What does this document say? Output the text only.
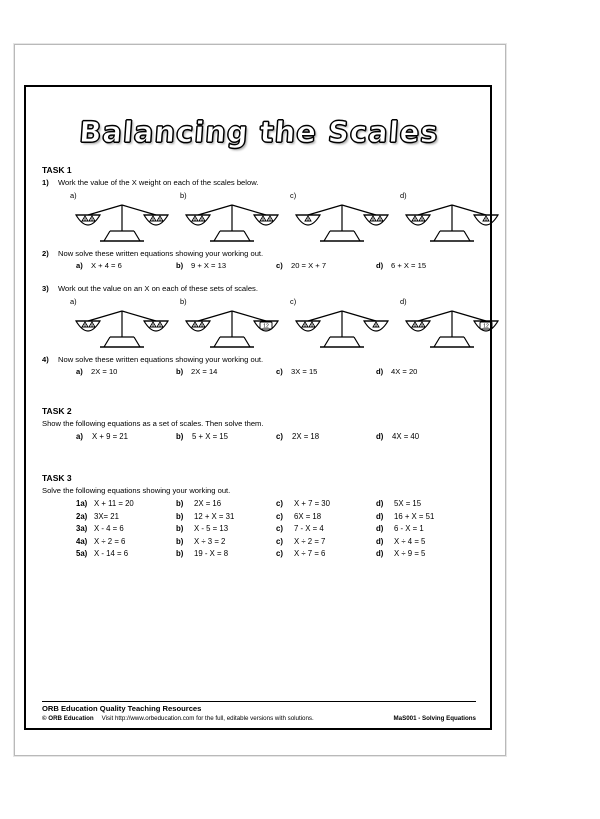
Balancing the Scales
TASK 1
1) Work the value of the X weight on each of the scales below.
a)
X X	X X
b)
X X	X X
c)
X	X X
d)
X X	X
2) Now solve these written equations showing your working out.
a) X + 4 = 6	b) 9 + X = 13	c) 20 = X + 7	d) 6 + X = 15
3) Work out the value on an X on each of these sets of scales.
a)
X X	X X
b)
X X	12
c)
X X	X
d)
X X	12
4) Now solve these written equations showing your working out.
a) 2X = 10	b) 2X = 14	c) 3X = 15	d) 4X = 20
TASK 2
Show the following equations as a set of scales. Then solve them.
a) X + 9 = 21	b) 5 + X = 15	c) 2X = 18	d) 4X = 40
TASK 3
Solve the following equations showing your working out.
1a) X + 11 = 20	b) 2X = 16	c) X + 7 = 30	d) 5X = 15
2a) 3X= 21	b) 12 + X = 31	c) 6X = 18	d) 16 + X = 51
3a) X - 4 = 6	b) X - 5 = 13	c) 7 - X = 4	d) 6 - X = 1
4a) X ÷ 2 = 6	b) X ÷ 3 = 2	c) X ÷ 2 = 7	d) X ÷ 4 = 5
5a) X - 14 = 6	b) 19 - X = 8	c) X ÷ 7 = 6	d) X ÷ 9 = 5
ORB Education Quality Teaching Resources
© ORB Education Visit http://www.orbeducation.com for the full, editable versions with solutions.	MaS001 - Solving Equations
